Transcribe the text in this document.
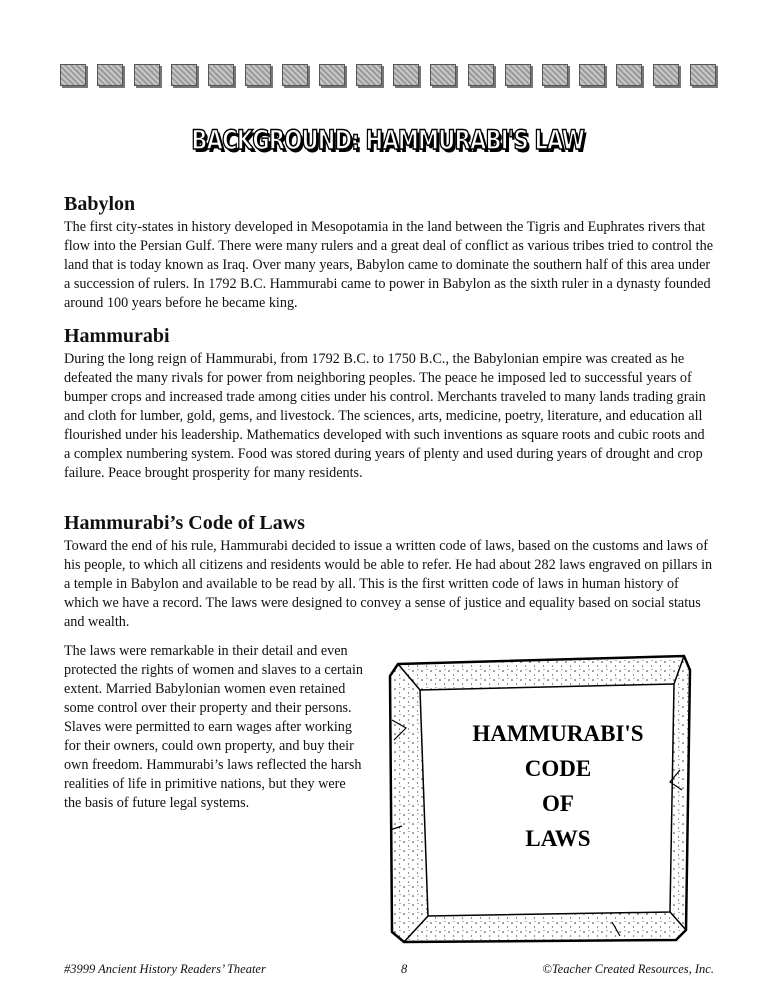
BACKGROUND: HAMMURABI'S LAW
Babylon

The first city-states in history developed in Mesopotamia in the land between the Tigris and Euphrates rivers that flow into the Persian Gulf. There were many rulers and a great deal of conflict as various tribes tried to control the land that is today known as Iraq. Over many years, Babylon came to dominate the southern half of this area under a succession of rulers. In 1792 B.C. Hammurabi came to power in Babylon as the sixth ruler in a dynasty founded around 100 years before he became king.

Hammurabi

During the long reign of Hammurabi, from 1792 B.C. to 1750 B.C., the Babylonian empire was created as he defeated the many rivals for power from neighboring peoples. The peace he imposed led to successful years of bumper crops and increased trade among cities under his control. Merchants traveled to many lands trading grain and cloth for lumber, gold, gems, and livestock. The sciences, arts, medicine, poetry, literature, and education all flourished under his leadership. Mathematics developed with such inventions as square roots and cubic roots and a complex numbering system. Food was stored during years of plenty and used during years of drought and crop failure. Peace brought prosperity for many residents.

Hammurabi’s Code of Laws

Toward the end of his rule, Hammurabi decided to issue a written code of laws, based on the customs and laws of his people, to which all citizens and residents would be able to refer. He had about 282 laws engraved on pillars in a temple in Babylon and available to be read by all. This is the first written code of laws in human history of which we have a record. The laws were designed to convey a sense of justice and equality based on social status and wealth.

The laws were remarkable in their detail and even protected the rights of women and slaves to a certain extent. Married Babylonian women even retained some control over their property and their persons. Slaves were permitted to earn wages after working for their owners, could own property, and buy their own freedom. Hammurabi’s laws reflected the harsh realities of life in primitive nations, but they were the basis of future legal systems.

HAMMURABI'S
CODE
OF
LAWS
#3999 Ancient History Readers’ Theater	8	©Teacher Created Resources, Inc.
